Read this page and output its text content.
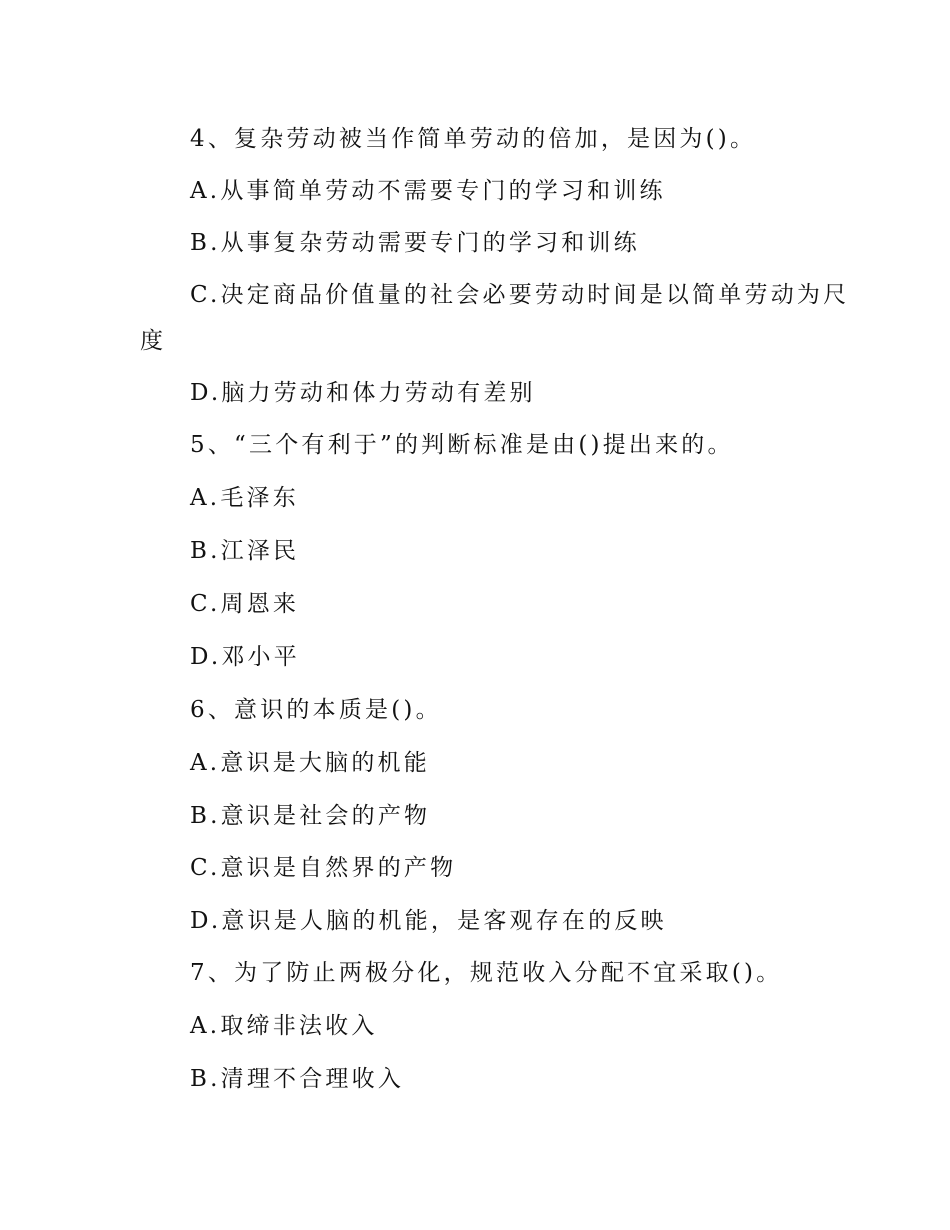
4、复杂劳动被当作简单劳动的倍加，是因为()。
A.从事简单劳动不需要专门的学习和训练
B.从事复杂劳动需要专门的学习和训练
C.决定商品价值量的社会必要劳动时间是以简单劳动为尺
度
D.脑力劳动和体力劳动有差别
5、“三个有利于”的判断标准是由()提出来的。
A.毛泽东
B.江泽民
C.周恩来
D.邓小平
6、意识的本质是()。
A.意识是大脑的机能
B.意识是社会的产物
C.意识是自然界的产物
D.意识是人脑的机能，是客观存在的反映
7、为了防止两极分化，规范收入分配不宜采取()。
A.取缔非法收入
B.清理不合理收入
